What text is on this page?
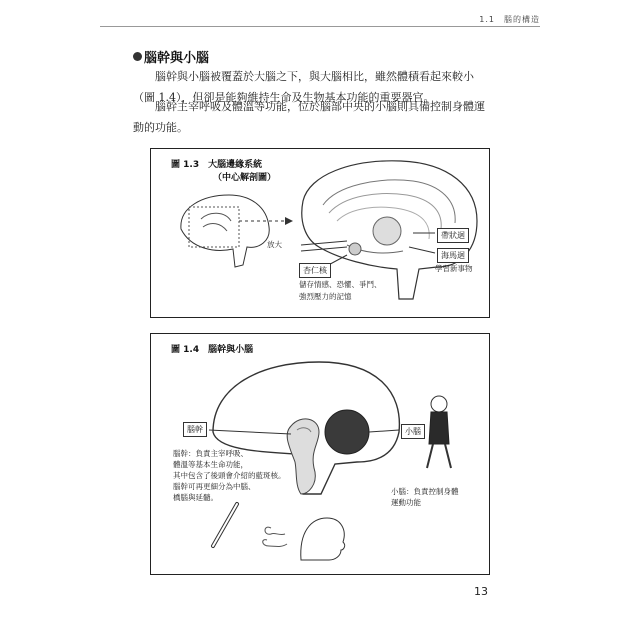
1.1　腦的構造
腦幹與小腦

腦幹與小腦被覆蓋於大腦之下，與大腦相比，雖然體積看起來較小（圖 1.4），但卻是能夠維持生命及生物基本功能的重要器官。

腦幹主宰呼吸及體溫等功能，位於腦部中央的小腦則具備控制身體運動的功能。

圖 1.3　大腦邊緣系統
（中心解剖圖）
放大
帶狀迴
海馬迴
學習新事物
杏仁核
儲存情感、恐懼、爭鬥、
強烈壓力的記憶
圖 1.4　腦幹與小腦
腦幹	小腦
腦幹：負責主宰呼吸、
體溫等基本生命功能，
其中包含了後頭會介紹的藍斑核。
腦幹可再更細分為中腦、
橋腦與延髓。
小腦：負責控制身體
運動功能
13
